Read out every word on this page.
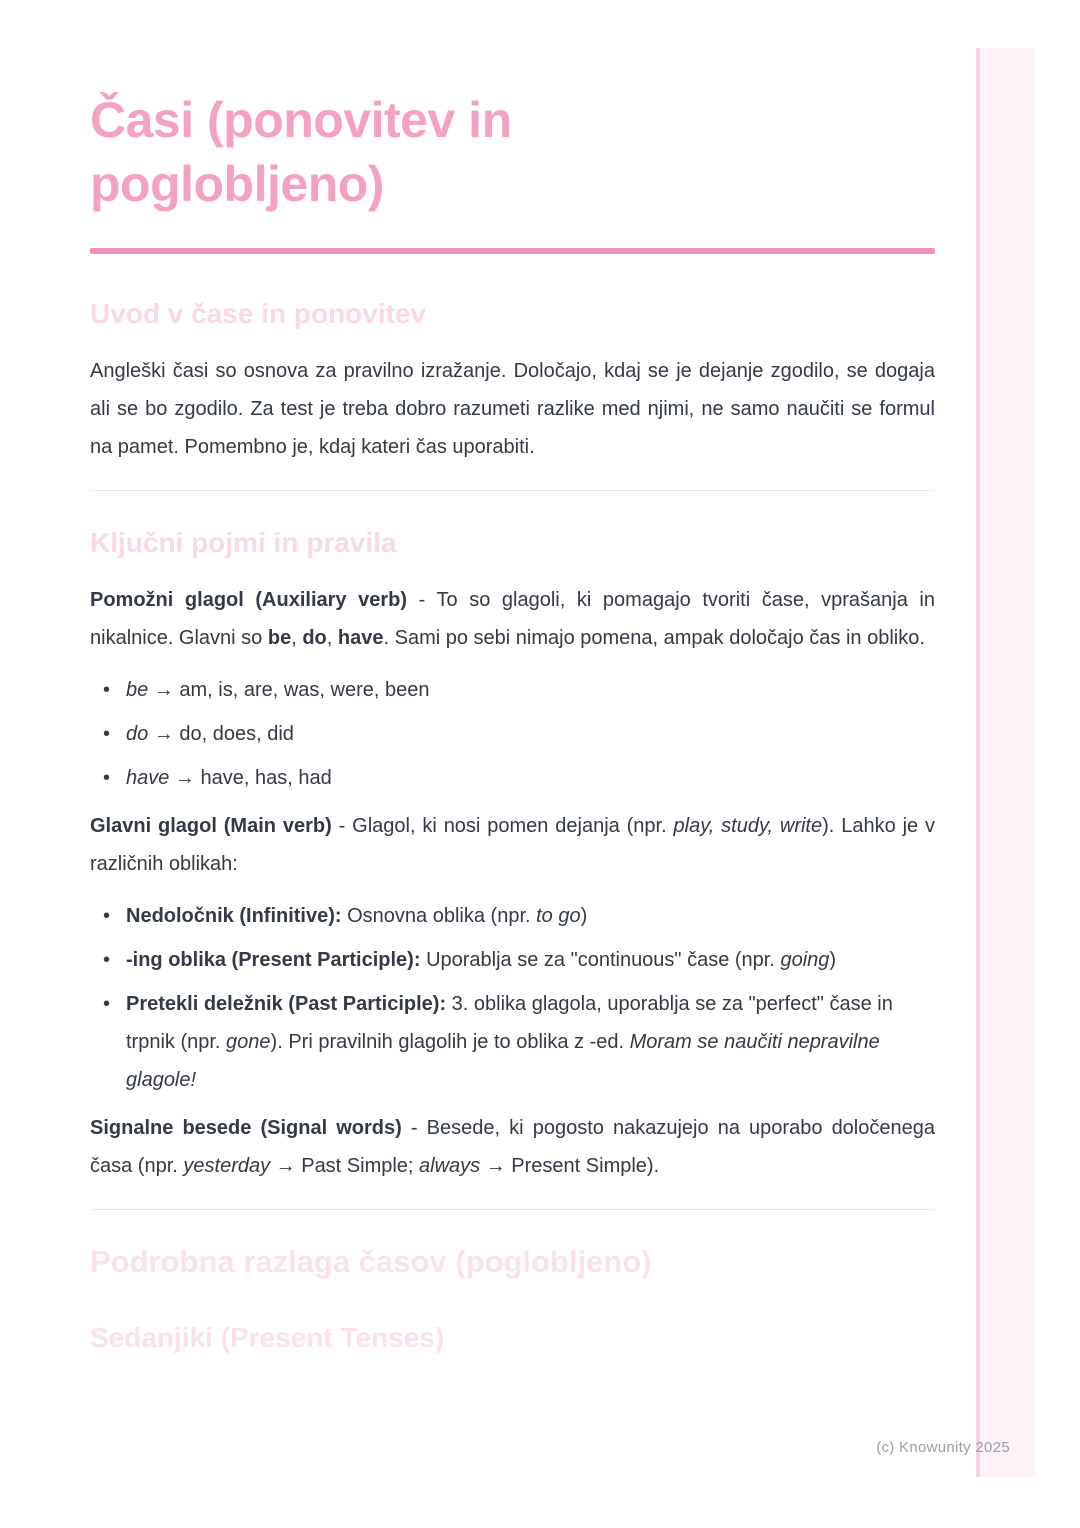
Časi (ponovitev in poglobljeno)
Uvod v čase in ponovitev

Angleški časi so osnova za pravilno izražanje. Določajo, kdaj se je dejanje zgodilo, se dogaja ali se bo zgodilo. Za test je treba dobro razumeti razlike med njimi, ne samo naučiti se formul na pamet. Pomembno je, kdaj kateri čas uporabiti.

Ključni pojmi in pravila

Pomožni glagol (Auxiliary verb) - To so glagoli, ki pomagajo tvoriti čase, vprašanja in nikalnice. Glavni so be, do, have. Sami po sebi nimajo pomena, ampak določajo čas in obliko.

• be → am, is, are, was, were, been
• do → do, does, did
• have → have, has, had

Glavni glagol (Main verb) - Glagol, ki nosi pomen dejanja (npr. play, study, write). Lahko je v različnih oblikah:

• Nedoločnik (Infinitive): Osnovna oblika (npr. to go)
• -ing oblika (Present Participle): Uporablja se za "continuous" čase (npr. going)
• Pretekli deležnik (Past Participle): 3. oblika glagola, uporablja se za "perfect" čase in trpnik (npr. gone). Pri pravilnih glagolih je to oblika z -ed. Moram se naučiti nepravilne glagole!

Signalne besede (Signal words) - Besede, ki pogosto nakazujejo na uporabo določenega časa (npr. yesterday → Past Simple; always → Present Simple).

Podrobna razlaga časov (poglobljeno)
Sedanjiki (Present Tenses)
(c) Knowunity 2025
